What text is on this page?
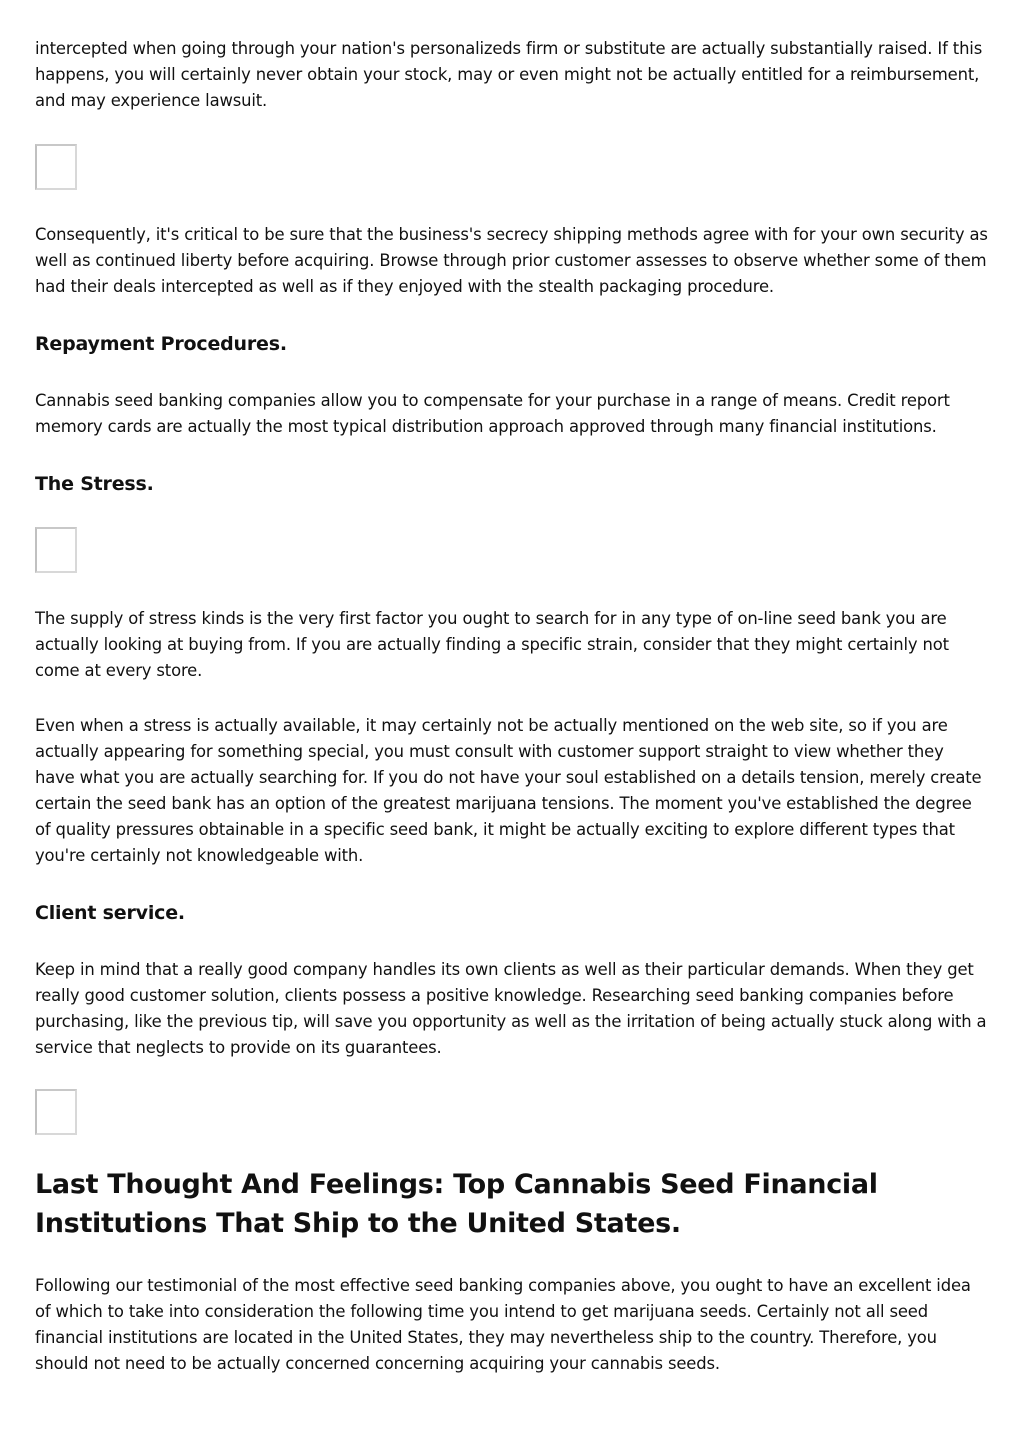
intercepted when going through your nation's personalizeds firm or substitute are actually substantially raised. If this happens, you will certainly never obtain your stock, may or even might not be actually entitled for a reimbursement, and may experience lawsuit.

Consequently, it's critical to be sure that the business's secrecy shipping methods agree with for your own security as well as continued liberty before acquiring. Browse through prior customer assesses to observe whether some of them had their deals intercepted as well as if they enjoyed with the stealth packaging procedure.

Repayment Procedures.

Cannabis seed banking companies allow you to compensate for your purchase in a range of means. Credit report memory cards are actually the most typical distribution approach approved through many financial institutions.

The Stress.

The supply of stress kinds is the very first factor you ought to search for in any type of on-line seed bank you are actually looking at buying from. If you are actually finding a specific strain, consider that they might certainly not come at every store.

Even when a stress is actually available, it may certainly not be actually mentioned on the web site, so if you are actually appearing for something special, you must consult with customer support straight to view whether they have what you are actually searching for. If you do not have your soul established on a details tension, merely create certain the seed bank has an option of the greatest marijuana tensions. The moment you've established the degree of quality pressures obtainable in a specific seed bank, it might be actually exciting to explore different types that you're certainly not knowledgeable with.

Client service.

Keep in mind that a really good company handles its own clients as well as their particular demands. When they get really good customer solution, clients possess a positive knowledge. Researching seed banking companies before purchasing, like the previous tip, will save you opportunity as well as the irritation of being actually stuck along with a service that neglects to provide on its guarantees.

Last Thought And Feelings: Top Cannabis Seed Financial Institutions That Ship to the United States.

Following our testimonial of the most effective seed banking companies above, you ought to have an excellent idea of which to take into consideration the following time you intend to get marijuana seeds. Certainly not all seed financial institutions are located in the United States, they may nevertheless ship to the country. Therefore, you should not need to be actually concerned concerning acquiring your cannabis seeds.
